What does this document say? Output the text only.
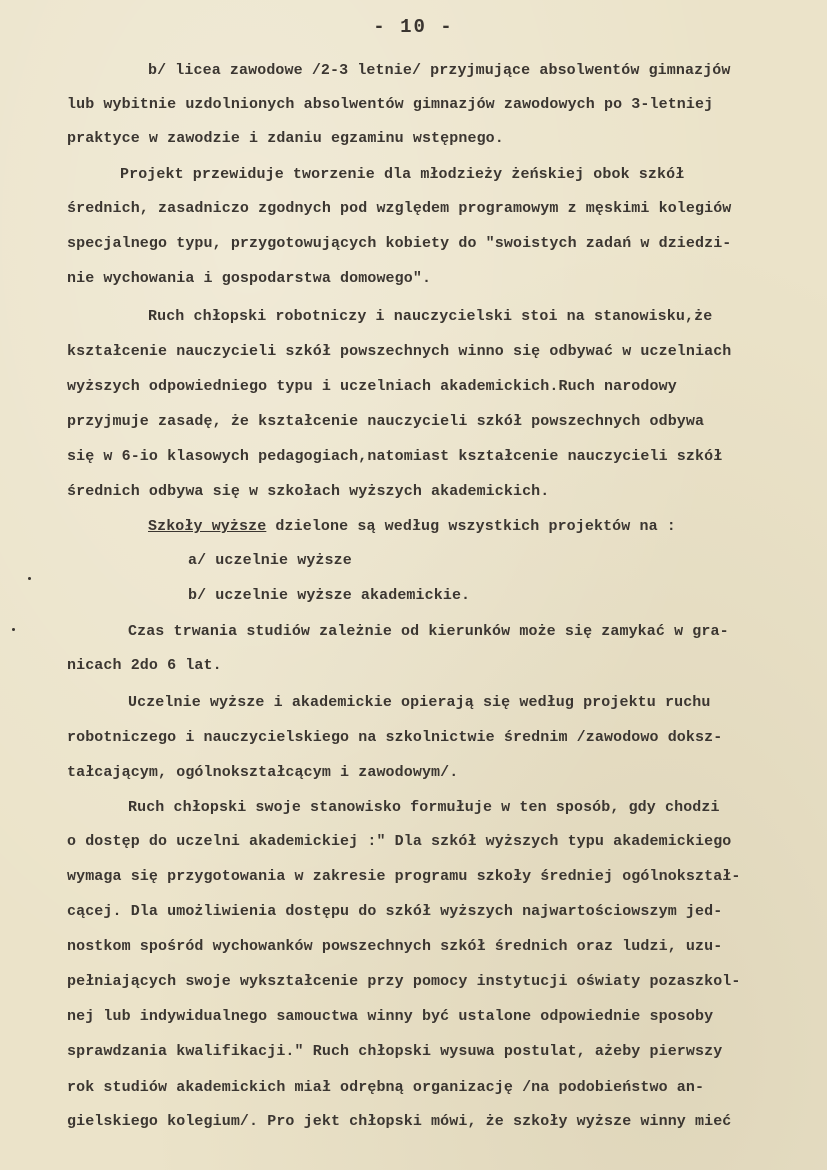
- 10 -
b/ licea zawodowe /2-3 letnie/ przyjmujące absolwentów gimnazjów
lub wybitnie uzdolnionych absolwentów gimnazjów zawodowych po 3-letniej
praktyce w zawodzie i zdaniu egzaminu wstępnego.
Projekt przewiduje tworzenie dla młodzieży żeńskiej obok szkół
średnich, zasadniczo zgodnych pod względem programowym z męskimi kolegiów
specjalnego typu, przygotowujących kobiety do "swoistych zadań w dziedzi-
nie wychowania i gospodarstwa domowego".
Ruch chłopski robotniczy i nauczycielski stoi na stanowisku,że
kształcenie nauczycieli szkół powszechnych winno się odbywać w uczelniach
wyższych odpowiedniego typu i uczelniach akademickich.Ruch narodowy
przyjmuje zasadę, że kształcenie nauczycieli szkół powszechnych odbywa
się w 6-io klasowych pedagogiach,natomiast kształcenie nauczycieli szkół
średnich odbywa się w szkołach wyższych akademickich.
Szkoły wyższe dzielone są według wszystkich projektów na :
a/ uczelnie wyższe
b/ uczelnie wyższe akademickie.
Czas trwania studiów zależnie od kierunków może się zamykać w gra-
nicach 2do 6 lat.
Uczelnie wyższe i akademickie opierają się według projektu ruchu
robotniczego i nauczycielskiego na szkolnictwie średnim /zawodowo doksz-
tałcającym, ogólnokształcącym i zawodowym/.
Ruch chłopski swoje stanowisko formułuje w ten sposób, gdy chodzi
o dostęp do uczelni akademickiej :" Dla szkół wyższych typu akademickiego
wymaga się przygotowania w zakresie programu szkoły średniej ogólnokształ-
cącej. Dla umożliwienia dostępu do szkół wyższych najwartościowszym jed-
nostkom spośród wychowanków powszechnych szkół średnich oraz ludzi, uzu-
pełniających swoje wykształcenie przy pomocy instytucji oświaty pozaszkol-
nej lub indywidualnego samouctwa winny być ustalone odpowiednie sposoby
sprawdzania kwalifikacji." Ruch chłopski wysuwa postulat, ażeby pierwszy
rok studiów akademickich miał odrębną organizację /na podobieństwo an-
gielskiego kolegium/. Pro jekt chłopski mówi, że szkoły wyższe winny mieć
